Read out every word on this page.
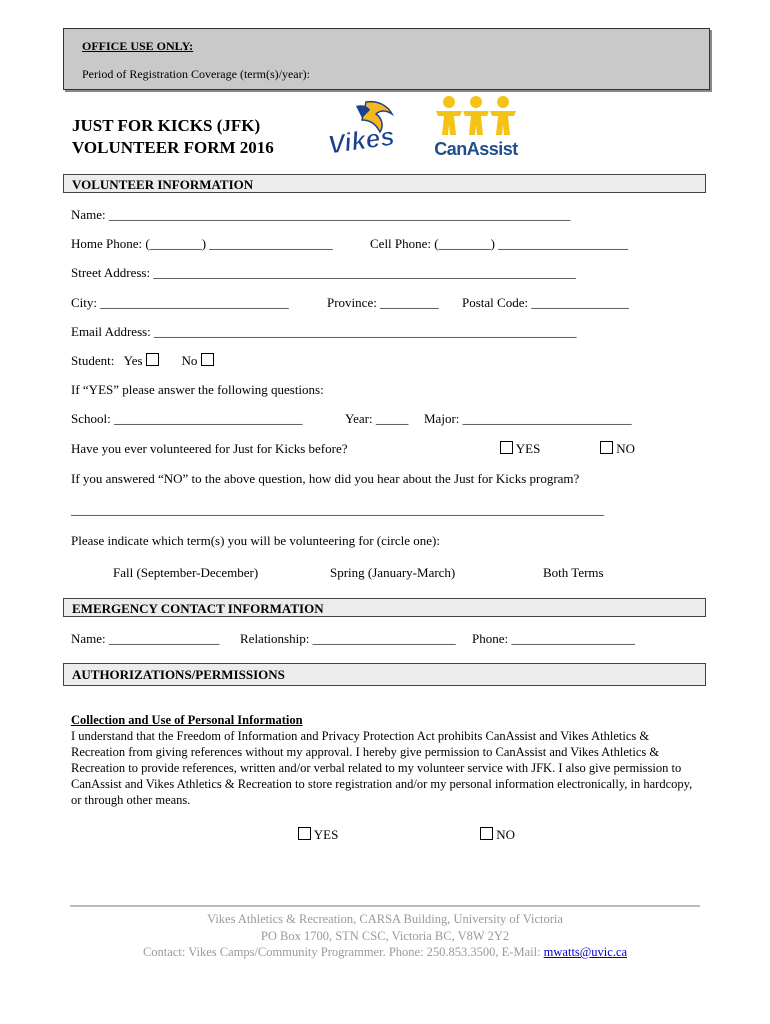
OFFICE USE ONLY:
Period of Registration Coverage (term(s)/year):
JUST FOR KICKS (JFK)
VOLUNTEER FORM 2016 Vikes CanAssist
VOLUNTEER INFORMATION
Name: _______________________________________________________________________
Home Phone: (________) ___________________	Cell Phone: (________) ____________________
Street Address: _________________________________________________________________
City: _____________________________	Province: _________ Postal Code: _______________
Email Address: _________________________________________________________________
Student: Yes	No
If “YES” please answer the following questions:
School: _____________________________	Year: _____ Major: __________________________
Have you ever volunteered for Just for Kicks before?	YES	NO
If you answered “NO” to the above question, how did you hear about the Just for Kicks program?
__________________________________________________________________________________
Please indicate which term(s) you will be volunteering for (circle one):
Fall (September-December)	Spring (January-March)	Both Terms
EMERGENCY CONTACT INFORMATION
Name: _________________ Relationship: ______________________ Phone: ___________________
AUTHORIZATIONS/PERMISSIONS
Collection and Use of Personal Information
I understand that the Freedom of Information and Privacy Protection Act prohibits CanAssist and Vikes Athletics & Recreation from giving references without my approval. I hereby give permission to CanAssist and Vikes Athletics & Recreation to provide references, written and/or verbal related to my volunteer service with JFK. I also give permission to CanAssist and Vikes Athletics & Recreation to store registration and/or my personal information electronically, in hardcopy, or through other means.
YES	NO
Vikes Athletics & Recreation, CARSA Building, University of Victoria
PO Box 1700, STN CSC, Victoria BC, V8W 2Y2
Contact: Vikes Camps/Community Programmer. Phone: 250.853.3500, E-Mail: mwatts@uvic.ca
